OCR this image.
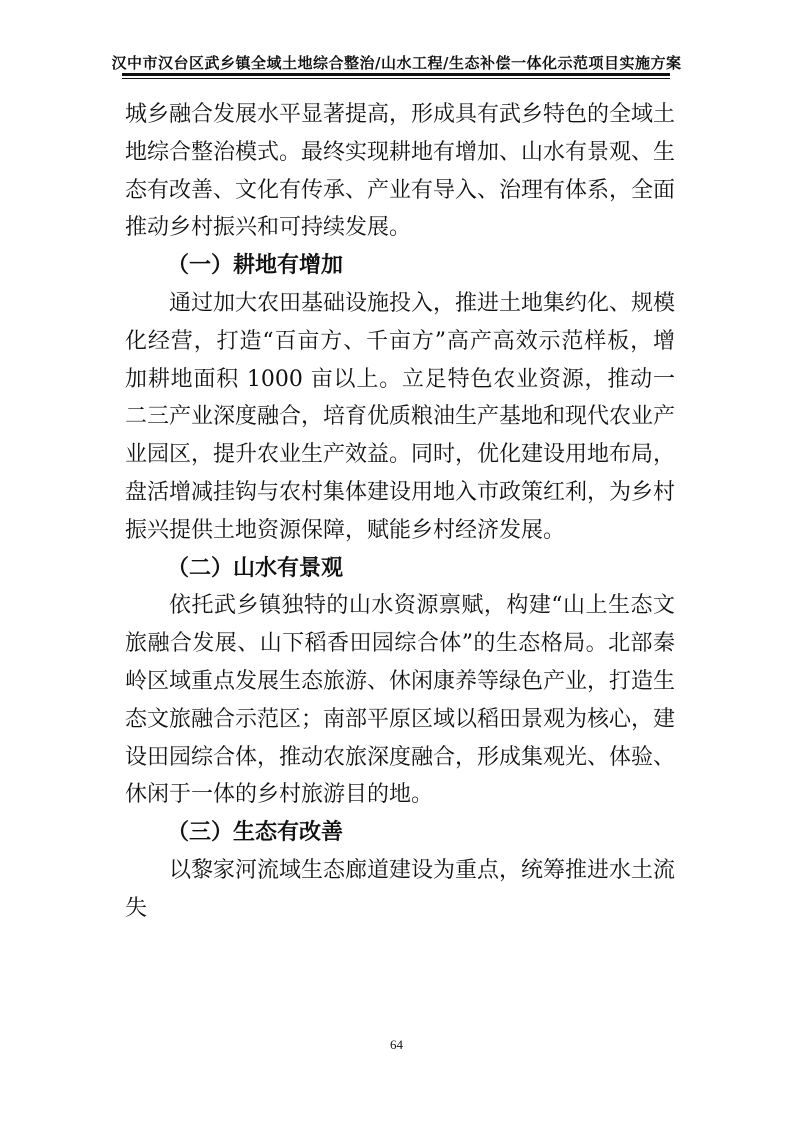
汉中市汉台区武乡镇全域土地综合整治/山水工程/生态补偿一体化示范项目实施方案

城乡融合发展水平显著提高，形成具有武乡特色的全域土地综合整治模式。最终实现耕地有增加、山水有景观、生态有改善、文化有传承、产业有导入、治理有体系，全面推动乡村振兴和可持续发展。

（一）耕地有增加

通过加大农田基础设施投入，推进土地集约化、规模化经营，打造“百亩方、千亩方”高产高效示范样板，增加耕地面积 1000 亩以上。立足特色农业资源，推动一二三产业深度融合，培育优质粮油生产基地和现代农业产业园区，提升农业生产效益。同时，优化建设用地布局，盘活增减挂钩与农村集体建设用地入市政策红利，为乡村振兴提供土地资源保障，赋能乡村经济发展。

（二）山水有景观

依托武乡镇独特的山水资源禀赋，构建“山上生态文旅融合发展、山下稻香田园综合体”的生态格局。北部秦岭区域重点发展生态旅游、休闲康养等绿色产业，打造生态文旅融合示范区；南部平原区域以稻田景观为核心，建设田园综合体，推动农旅深度融合，形成集观光、体验、休闲于一体的乡村旅游目的地。

（三）生态有改善

以黎家河流域生态廊道建设为重点，统筹推进水土流失

64
